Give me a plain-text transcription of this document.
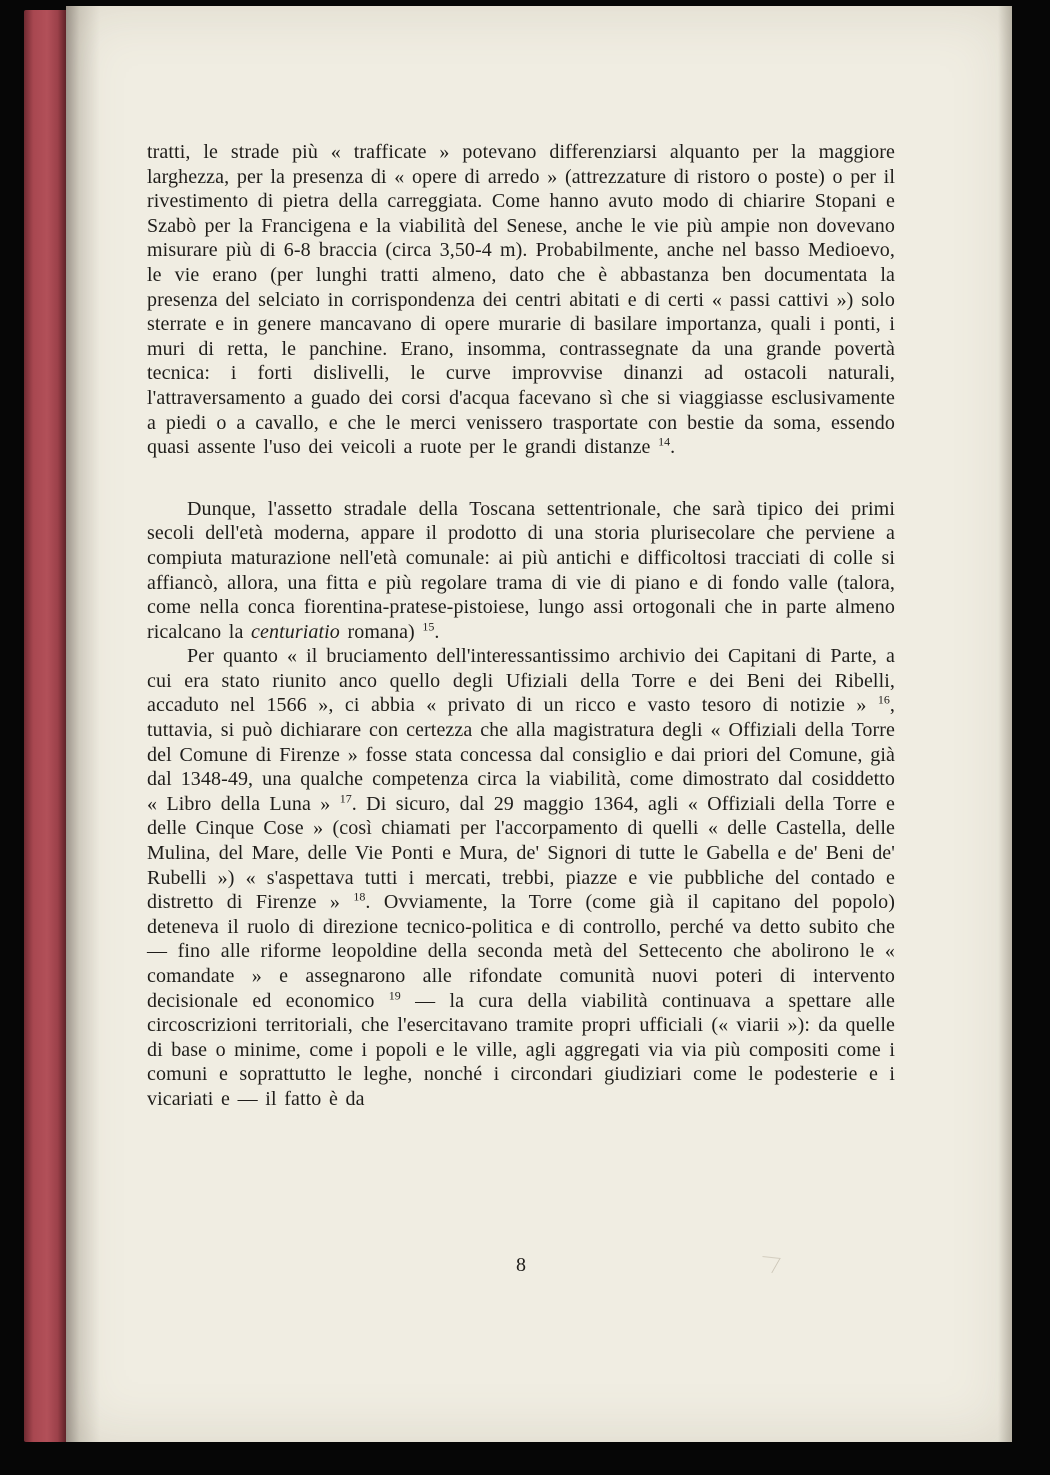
tratti, le strade più « trafficate » potevano differenziarsi alquanto per la maggiore larghezza, per la presenza di « opere di arredo » (attrezzature di ristoro o poste) o per il rivestimento di pietra della carreggiata. Come hanno avuto modo di chiarire Stopani e Szabò per la Francigena e la viabilità del Senese, anche le vie più ampie non dovevano misurare più di 6-8 braccia (circa 3,50-4 m). Probabilmente, anche nel basso Medioevo, le vie erano (per lunghi tratti almeno, dato che è abbastanza ben documentata la presenza del selciato in corrispondenza dei centri abitati e di certi « passi cattivi ») solo sterrate e in genere mancavano di opere murarie di basilare importanza, quali i ponti, i muri di retta, le panchine. Erano, insomma, contrassegnate da una grande povertà tecnica: i forti dislivelli, le curve improvvise dinanzi ad ostacoli naturali, l'attraversamento a guado dei corsi d'acqua facevano sì che si viaggiasse esclusivamente a piedi o a cavallo, e che le merci venissero trasportate con bestie da soma, essendo quasi assente l'uso dei veicoli a ruote per le grandi distanze $^{14}$.

Dunque, l'assetto stradale della Toscana settentrionale, che sarà tipico dei primi secoli dell'età moderna, appare il prodotto di una storia plurisecolare che perviene a compiuta maturazione nell'età comunale: ai più antichi e difficoltosi tracciati di colle si affiancò, allora, una fitta e più regolare trama di vie di piano e di fondo valle (talora, come nella conca fiorentina-pratese-pistoiese, lungo assi ortogonali che in parte almeno ricalcano la centuriatio romana) $^{15}$.

Per quanto « il bruciamento dell'interessantissimo archivio dei Capitani di Parte, a cui era stato riunito anco quello degli Ufiziali della Torre e dei Beni dei Ribelli, accaduto nel 1566 », ci abbia « privato di un ricco e vasto tesoro di notizie » $^{16}$, tuttavia, si può dichiarare con certezza che alla magistratura degli « Offiziali della Torre del Comune di Firenze » fosse stata concessa dal consiglio e dai priori del Comune, già dal 1348-49, una qualche competenza circa la viabilità, come dimostrato dal cosiddetto « Libro della Luna » $^{17}$. Di sicuro, dal 29 maggio 1364, agli « Offiziali della Torre e delle Cinque Cose » (così chiamati per l'accorpamento di quelli « delle Castella, delle Mulina, del Mare, delle Vie Ponti e Mura, de' Signori di tutte le Gabella e de' Beni de' Rubelli ») « s'aspettava tutti i mercati, trebbi, piazze e vie pubbliche del contado e distretto di Firenze » $^{18}$. Ovviamente, la Torre (come già il capitano del popolo) deteneva il ruolo di direzione tecnico-politica e di controllo, perché va detto subito che — fino alle riforme leopoldine della seconda metà del Settecento che abolirono le « comandate » e assegnarono alle rifondate comunità nuovi poteri di intervento decisionale ed economico $^{19}$ — la cura della viabilità continuava a spettare alle circoscrizioni territoriali, che l'esercitavano tramite propri ufficiali (« viarii »): da quelle di base o minime, come i popoli e le ville, agli aggregati via via più compositi come i comuni e soprattutto le leghe, nonché i circondari giudiziari come le podesterie e i vicariati e — il fatto è da

8
